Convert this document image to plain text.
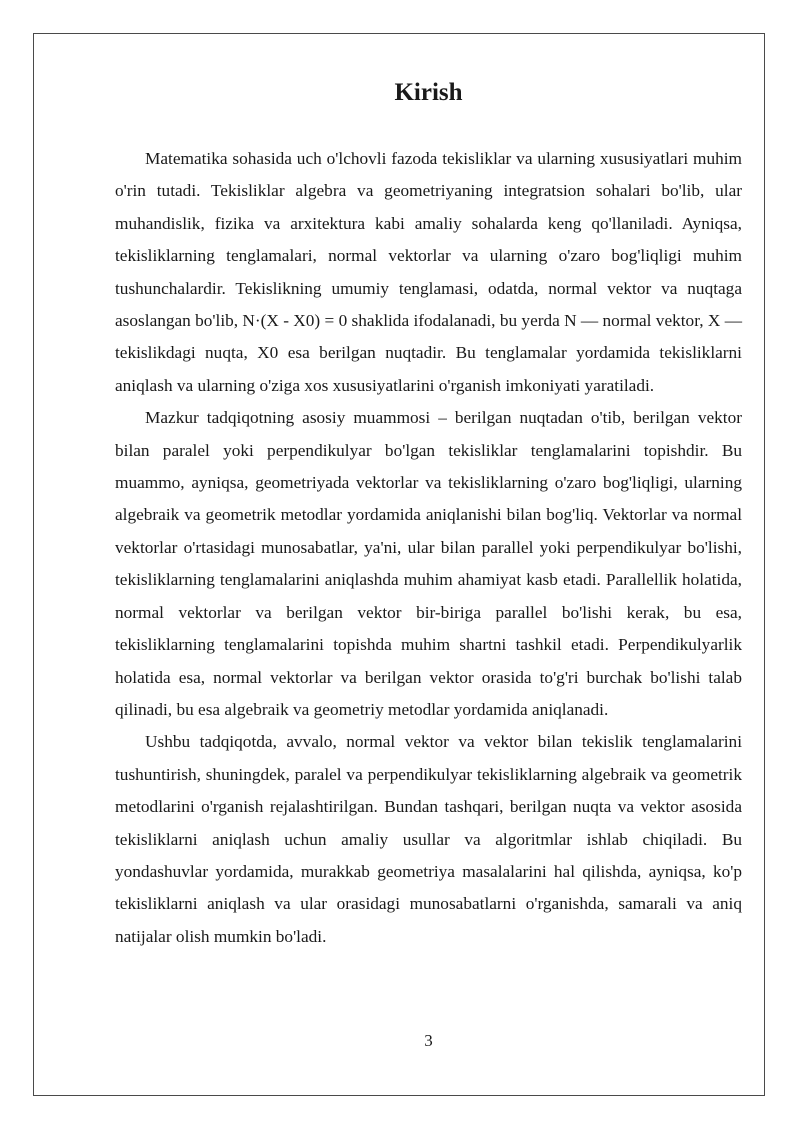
Kirish

Matematika sohasida uch o'lchovli fazoda tekisliklar va ularning xususiyatlari muhim o'rin tutadi. Tekisliklar algebra va geometriyaning integratsion sohalari bo'lib, ular muhandislik, fizika va arxitektura kabi amaliy sohalarda keng qo'llaniladi. Ayniqsa, tekisliklarning tenglamalari, normal vektorlar va ularning o'zaro bog'liqligi muhim tushunchalardir. Tekislikning umumiy tenglamasi, odatda, normal vektor va nuqtaga asoslangan bo'lib, N·(X - X0) = 0 shaklida ifodalanadi, bu yerda N — normal vektor, X — tekislikdagi nuqta, X0 esa berilgan nuqtadir. Bu tenglamalar yordamida tekisliklarni aniqlash va ularning o'ziga xos xususiyatlarini o'rganish imkoniyati yaratiladi.

Mazkur tadqiqotning asosiy muammosi – berilgan nuqtadan o'tib, berilgan vektor bilan paralel yoki perpendikulyar bo'lgan tekisliklar tenglamalarini topishdir. Bu muammo, ayniqsa, geometriyada vektorlar va tekisliklarning o'zaro bog'liqligi, ularning algebraik va geometrik metodlar yordamida aniqlanishi bilan bog'liq. Vektorlar va normal vektorlar o'rtasidagi munosabatlar, ya'ni, ular bilan parallel yoki perpendikulyar bo'lishi, tekisliklarning tenglamalarini aniqlashda muhim ahamiyat kasb etadi. Parallellik holatida, normal vektorlar va berilgan vektor bir-biriga parallel bo'lishi kerak, bu esa, tekisliklarning tenglamalarini topishda muhim shartni tashkil etadi. Perpendikulyarlik holatida esa, normal vektorlar va berilgan vektor orasida to'g'ri burchak bo'lishi talab qilinadi, bu esa algebraik va geometriy metodlar yordamida aniqlanadi.

Ushbu tadqiqotda, avvalo, normal vektor va vektor bilan tekislik tenglamalarini tushuntirish, shuningdek, paralel va perpendikulyar tekisliklarning algebraik va geometrik metodlarini o'rganish rejalashtirilgan. Bundan tashqari, berilgan nuqta va vektor asosida tekisliklarni aniqlash uchun amaliy usullar va algoritmlar ishlab chiqiladi. Bu yondashuvlar yordamida, murakkab geometriya masalalarini hal qilishda, ayniqsa, ko'p tekisliklarni aniqlash va ular orasidagi munosabatlarni o'rganishda, samarali va aniq natijalar olish mumkin bo'ladi.

3
